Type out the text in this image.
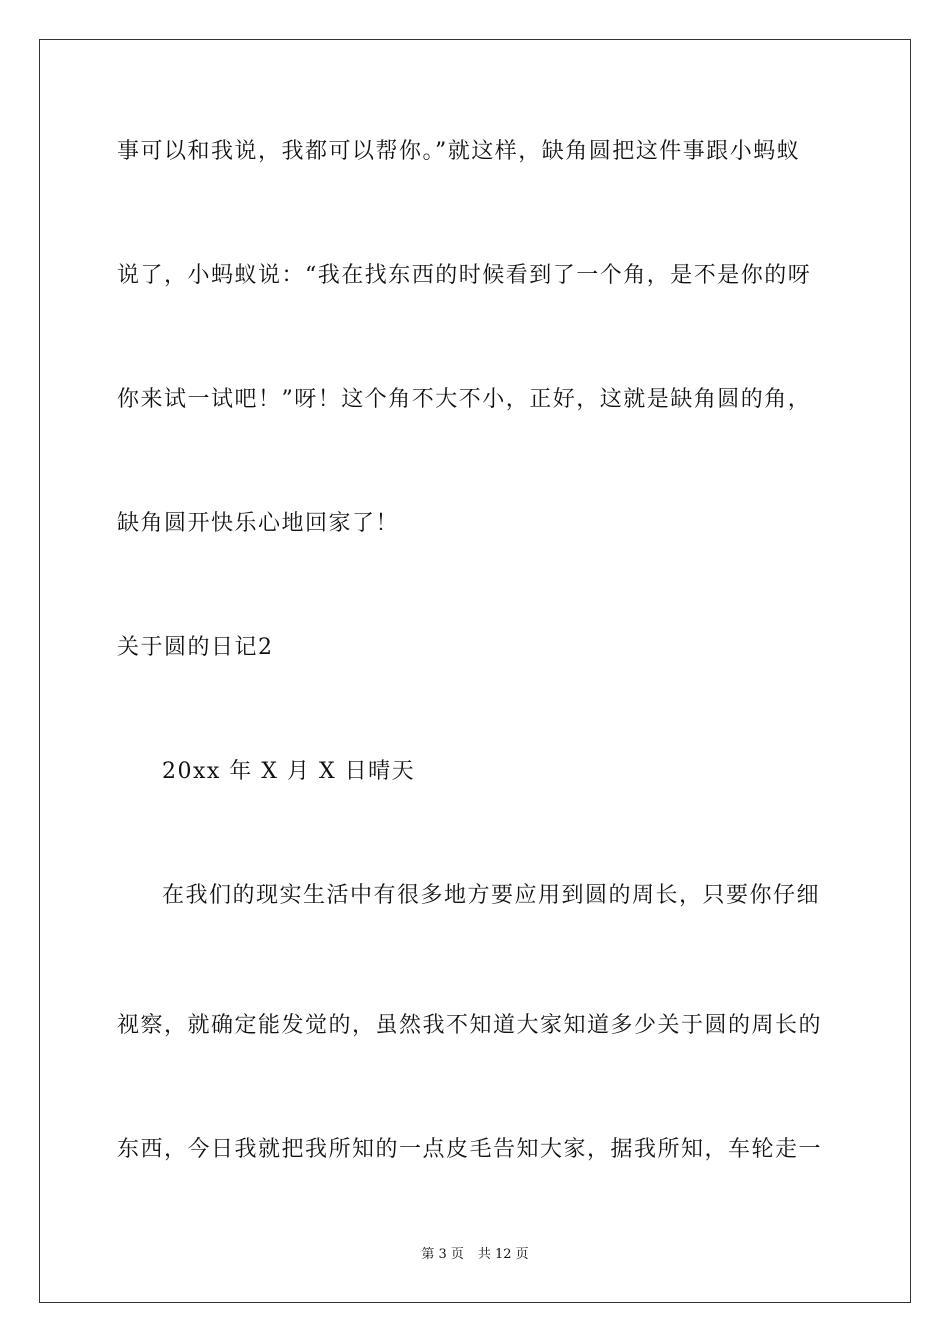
事可以和我说，我都可以帮你。”就这样，缺角圆把这件事跟小蚂蚁
说了，小蚂蚁说：“我在找东西的时候看到了一个角，是不是你的呀
你来试一试吧！”呀！这个角不大不小，正好，这就是缺角圆的角，
缺角圆开快乐心地回家了！
关于圆的日记2
20xx 年 X 月 X 日晴天
在我们的现实生活中有很多地方要应用到圆的周长，只要你仔细
视察，就确定能发觉的，虽然我不知道大家知道多少关于圆的周长的
东西，今日我就把我所知的一点皮毛告知大家，据我所知，车轮走一
第 3 页 共 12 页
